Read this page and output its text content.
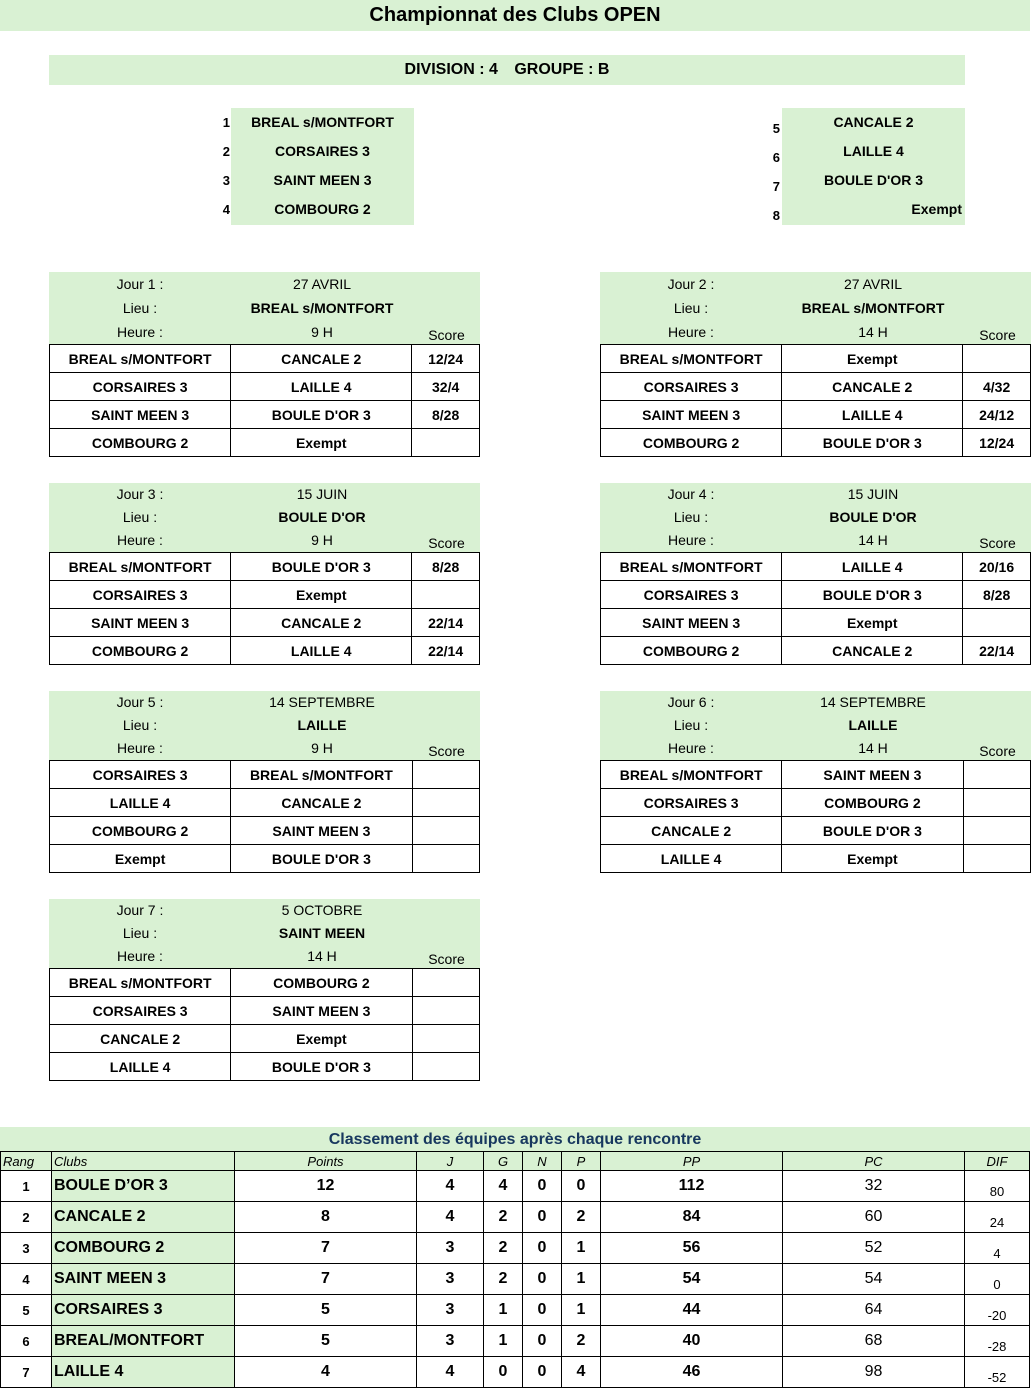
Championnat des Clubs OPEN
DIVISION : 4 GROUPE : B
1	BREAL s/MONTFORT
2	CORSAIRES 3
3	SAINT MEEN 3
4	COMBOURG 2
5	CANCALE 2
6	LAILLE 4
7	BOULE D'OR 3
8	Exempt
Jour 1 :	27 AVRIL
Lieu :	BREAL s/MONTFORT
Heure :	9 H	Score
BREAL s/MONTFORT	CANCALE 2	12/24
CORSAIRES 3	LAILLE 4	32/4
SAINT MEEN 3	BOULE D'OR 3	8/28
COMBOURG 2	Exempt	
Jour 2 :	27 AVRIL
Lieu :	BREAL s/MONTFORT
Heure :	14 H	Score
BREAL s/MONTFORT	Exempt	
CORSAIRES 3	CANCALE 2	4/32
SAINT MEEN 3	LAILLE 4	24/12
COMBOURG 2	BOULE D'OR 3	12/24
Jour 3 :	15 JUIN
Lieu :	BOULE D'OR
Heure :	9 H	Score
BREAL s/MONTFORT	BOULE D'OR 3	8/28
CORSAIRES 3	Exempt	
SAINT MEEN 3	CANCALE 2	22/14
COMBOURG 2	LAILLE 4	22/14
Jour 4 :	15 JUIN
Lieu :	BOULE D'OR
Heure :	14 H	Score
BREAL s/MONTFORT	LAILLE 4	20/16
CORSAIRES 3	BOULE D'OR 3	8/28
SAINT MEEN 3	Exempt	
COMBOURG 2	CANCALE 2	22/14
Jour 5 :	14 SEPTEMBRE
Lieu :	LAILLE
Heure :	9 H	Score
CORSAIRES 3	BREAL s/MONTFORT	
LAILLE 4	CANCALE 2	
COMBOURG 2	SAINT MEEN 3	
Exempt	BOULE D'OR 3	
Jour 6 :	14 SEPTEMBRE
Lieu :	LAILLE
Heure :	14 H	Score
BREAL s/MONTFORT	SAINT MEEN 3	
CORSAIRES 3	COMBOURG 2	
CANCALE 2	BOULE D'OR 3	
LAILLE 4	Exempt	
Jour 7 :	5 OCTOBRE
Lieu :	SAINT MEEN
Heure :	14 H	Score
BREAL s/MONTFORT	COMBOURG 2	
CORSAIRES 3	SAINT MEEN 3	
CANCALE 2	Exempt	
LAILLE 4	BOULE D'OR 3	
Classement des équipes après chaque rencontre
Rang	Clubs	Points	J	G	N	P	PP	PC	DIF
1	BOULE D’OR 3	12	4	4	0	0	112	32	80
2	CANCALE 2	8	4	2	0	2	84	60	24
3	COMBOURG 2	7	3	2	0	1	56	52	4
4	SAINT MEEN 3	7	3	2	0	1	54	54	0
5	CORSAIRES 3	5	3	1	0	1	44	64	-20
6	BREAL/MONTFORT	5	3	1	0	2	40	68	-28
7	LAILLE 4	4	4	0	0	4	46	98	-52
